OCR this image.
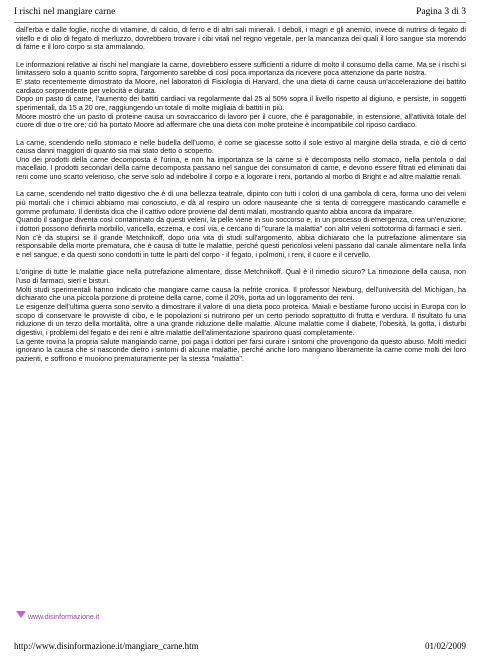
I rischi nel mangiare carne	Pagina 3 di 3

dall'erba e dalle foglie, ricche di vitamine, di calcio, di ferro e di altri sali minerali. I deboli, i magri e gli anemici, invece di nutrirsi di fegato di vitello e di olio di fegato di merluzzo, dovrebbero trovare i cibi vitali nel regno vegetale, per la mancanza dei quali il loro sangue sta morendo di fame e il loro corpo si sta ammalando.

Le informazioni relative ai rischi nel mangiare la carne, dovrebbero essere sufficienti a ridurre di molto il consumo della carne. Ma se i rischi si limitassero solo a quanto scritto sopra, l'argomento sarebbe di così poca importanza da ricevere poca attenzione da parte nostra.

E' stato recentemente dimostrato da Moore, nel laboratori di Fisiologia di Harvard, che una dieta di carne causa un'accelerazione dei battito cardiaco sorprendente per velocità e durata.

Dopo un pasto di carne, l'aumento dei battiti cardiaci va regolarmente dal 25 al 50% sopra il livello rispetto al digiuno, e persiste, in soggetti sperimentali, da 15 a 20 ore, raggiungendo un totale di molte migliaia di battiti in più.

Moore mostrò che un pasto di proteine causa un sovraccarico di lavoro per il cuore, che è paragonabile, in estensione, all'attività totale del cuore di due o tre ore; ciò ha portato Moore ad affermare che una dieta con molte proteine è incompatibile col riposo cardiaco.

La carne, scendendo nello stomaco e nelle budella dell'uomo, è come se giacesse sotto il sole estivo al margine della strada, e ciò di certo causa danni maggiori di quanto sia mai stato detto o scoperto.

Uno dei prodotti della carne decomposta è l'urina, e non ha importanza se la carne si è decomposta nello stomaco, nella pentola o dal macellaio. I prodotti secondari della carne decomposta passano nel sangue dei consumatori di carne, e devono essere filtrati ed eliminati dai reni come uno scarto velenoso, che serve solo ad indebolire il corpo e a logorare i reni, portando al morbo di Bright e ad altre malattie renali.

La carne, scendendo nel tratto digestivo che è di una bellezza teatrale, dipinto con tutti i colori di una gambola di cera, forma uno dei veleni più mortali che i chimici abbiamo mai conosciuto, e dà al respiro un odore nauseante che si tenta di correggere masticando caramelle e gomme profumato. Il dentista dica che il cattivo odore proviene dal denti malati, mostrando quanto abbia ancora da imparare.

Quando il sangue diventa così contaminato da questi veleni, la pelle viene in suo soccorso e, in un processo di emergenza, crea un'eruzione; i dottori possono definirla morbillo, varicella, eczema, e così via, e cercano di "curare la malattia" con altri veleni sottotorma di farmaci e sieri.

Non c'è da stupirsi se il grande Metchnikoff, dopo una vita di studi sull'argomento, abbia dichiarato che la putrefazione alimentare sia responsabile della morte prematura, che è causa di tutte le malattie, perché questi pericolosi veleni passano dal canale alimentare nella linfa e nel sangue, e da questi sono condotti in tutte le parti del corpo - il fegato, i polmoni, i reni, il cuore e il cervello.

L'origine di tutte le malattie giace nella putrefazione alimentare, disse Metchnikoff. Qual è il rimedio sicuro? La rimozione della causa, non l'uso di farmaci, sieri e bisturi.

Molti studi sperimentali hanno indicato che mangiare carne causa la nefrite cronica. Il professor Newburg, dell'università del Michigan, ha dichiarato che una piccola porzione di proteine della carne, come il 20%, porta ad un logoramento dei reni.

Le esigenze dell'ultima guerra sono servito a dimostrare il valore di una dieta poco proteica. Maiali e bestiame furono uccisi in Europa con lo scopo di conservare le provviste di cibo, e le popolazioni si nutrirono per un certo periodo soprattutto di frutta e verdura. Il risultato fu una riduzione di un terzo della mortalità, oltre a una grande riduzione delle malattie. Alcune malattie come il diabete, l'obesità, la gotta, i disturbi digestivi, i problemi del fegato e dei reni e altre malattie dell'alimentazione sparirono quasi completamente.

La gente rovina la propria salute mangiando carne, poi paga i dottori per farsi curare i sintomi che provengono da questo abuso. Molti medici ignorano la causa che si nasconde dietro i sintomi di alcune malattie, perché anche loro mangiano liberamente la carne come molti dei loro pazienti, e soffrono e muoiono prematuramente per la stessa "malattia".

www.disinformazione.it
http://www.disinformazione.it/mangiare_carne.htm	01/02/2009
